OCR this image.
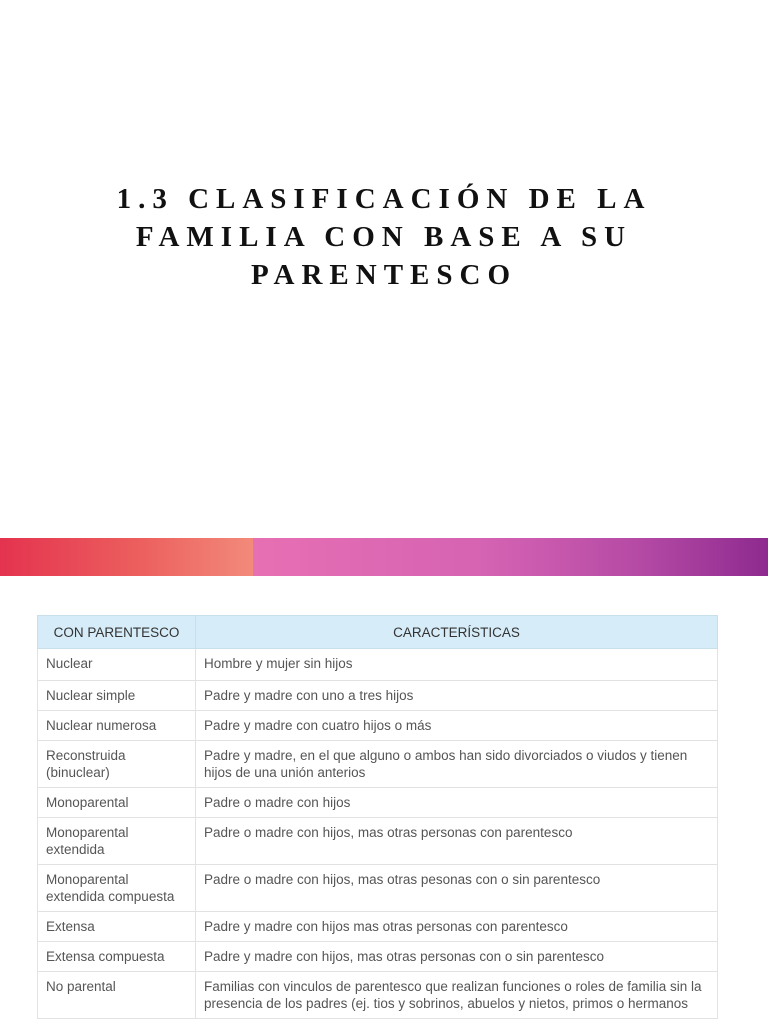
1.3 CLASIFICACIÓN DE LA
FAMILIA CON BASE A SU
PARENTESCO
CON PARENTESCO	CARACTERÍSTICAS
Nuclear	Hombre y mujer sin hijos
Nuclear simple	Padre y madre con uno a tres hijos
Nuclear numerosa	Padre y madre con cuatro hijos o más
Reconstruida (binuclear)	Padre y madre, en el que alguno o ambos han sido divorciados o viudos y tienen hijos de una unión anterios
Monoparental	Padre o madre con hijos
Monoparental extendida	Padre o madre con hijos, mas otras personas con parentesco
Monoparental extendida compuesta	Padre o madre con hijos, mas otras pesonas con o sin parentesco
Extensa	Padre y madre con hijos mas otras personas con parentesco
Extensa compuesta	Padre y madre con hijos, mas otras personas con o sin parentesco
No parental	Familias con vinculos de parentesco que realizan funciones o roles de familia sin la presencia de los padres (ej. tios y sobrinos, abuelos y nietos, primos o hermanos
